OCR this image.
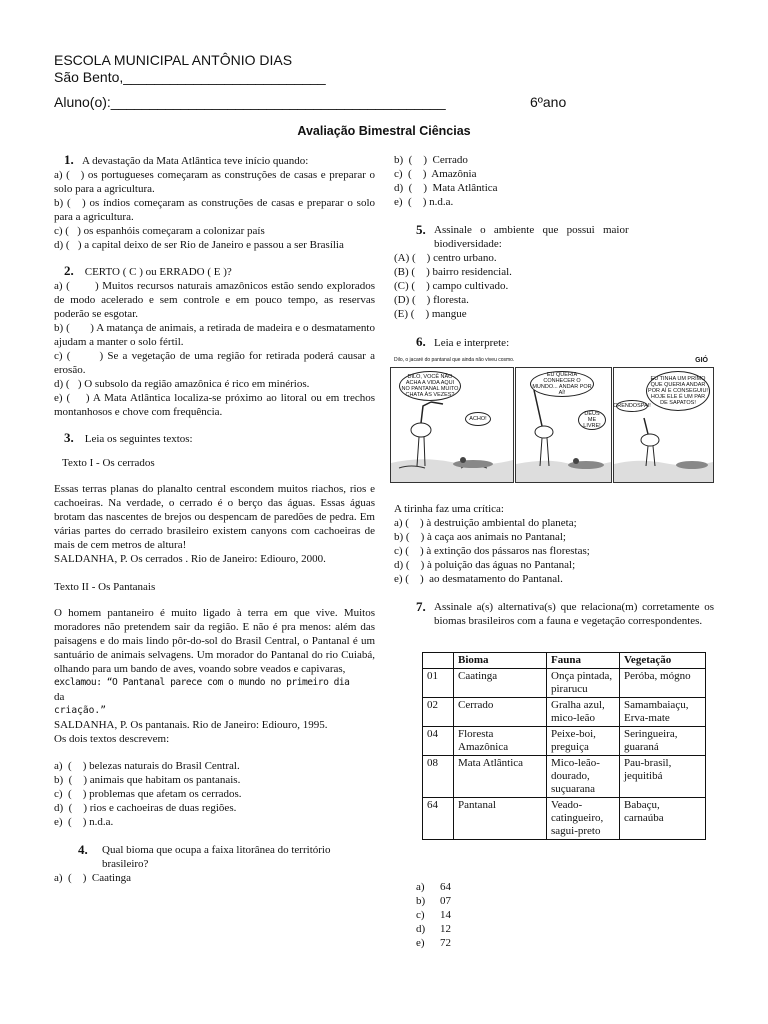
ESCOLA MUNICIPAL ANTÔNIO DIAS
São Bento,__________________________
Aluno(o):___________________________________________	6ºano
Avaliação Bimestral Ciências
1. A devastação da Mata Atlântica teve início quando:
a) (   ) os portugueses começaram as construções de casas e preparar o solo para a agricultura.
b) (   ) os índios começaram as construções de casas e preparar o solo para a agricultura.
c) (   ) os espanhóis começaram a colonizar país
d) (   ) a capital deixo de ser Rio de Janeiro e passou a ser Brasília
2. CERTO ( C ) ou ERRADO ( E )?
a) (       ) Muitos recursos naturais amazônicos estão sendo explorados de modo acelerado e sem controle e em pouco tempo, as reservas poderão se esgotar.
b) (       ) A matança de animais, a retirada de madeira e o desmatamento ajudam a manter o solo fértil.
c) (       ) Se a vegetação de uma região for retirada poderá causar a erosão.
d) (   ) O subsolo da região amazônica é rico em minérios.
e) (    ) A Mata Atlântica localiza-se próximo ao litoral ou em trechos montanhosos e chove com frequência.
3. Leia os seguintes textos:
Texto I - Os cerrados
Essas terras planas do planalto central escondem muitos riachos, rios e cachoeiras. Na verdade, o cerrado é o berço das águas. Essas águas brotam das nascentes de brejos ou despencam de paredões de pedra. Em várias partes do cerrado brasileiro existem canyons com cachoeiras de mais de cem metros de altura!
SALDANHA, P. Os cerrados . Rio de Janeiro: Ediouro, 2000.
Texto II - Os Pantanais
O homem pantaneiro é muito ligado à terra em que vive. Muitos moradores não pretendem sair da região. E não é pra menos: além das paisagens e do mais lindo pôr-do-sol do Brasil Central, o Pantanal é um santuário de animais selvagens. Um morador do Pantanal do rio Cuiabá, olhando para um bando de aves, voando sobre veados e capivaras,
exclamou: “O Pantanal parece com o mundo no primeiro dia
da
criação.”
SALDANHA, P. Os pantanais. Rio de Janeiro: Ediouro, 1995.
Os dois textos descrevem:
a)  (    ) belezas naturais do Brasil Central.
b)  (    ) animais que habitam os pantanais.
c)  (    ) problemas que afetam os cerrados.
d)  (    ) rios e cachoeiras de duas regiões.
e)  (    ) n.d.a.
4.	Qual bioma que ocupa a faixa litorânea do território
brasileiro?
a)  (    )  Caatinga
b)  (    )  Cerrado
c)  (    )  Amazônia
d)  (    )  Mata Atlântica
e)  (    ) n.d.a.
5. Assinale   o   ambiente   que   possui   maior
biodiversidade:
(A) (    ) centro urbano.
(B) (    ) bairro residencial.
(C) (    ) campo cultivado.
(D) (    ) floresta.
(E) (    ) mangue
6. Leia e interprete:
Dilo, o jacaré do pantanal que ainda não viveu cosmo.	GIÓ
DILO, VOCÊ NÃO ACHA A VIDA AQUI NO PANTANAL MUITO CHATA ÀS VEZES?
ACHO!
EU QUERIA CONHECER O MUNDO... ANDAR POR AÍ!
DEUS ME LIVRE!
EU TINHA UM PRIMO QUE QUERIA ANDAR POR AÍ E CONSEGUIU! HOJE ELE É UM PAR DE SAPATOS!
CRENDOSPAI!
A tirinha faz uma crítica:
a) (    ) à destruição ambiental do planeta;
b) (    ) à caça aos animais no Pantanal;
c) (    ) à extinção dos pássaros nas florestas;
d) (    ) à poluição das águas no Pantanal;
e) (    )  ao desmatamento do Pantanal.
7. Assinale a(s) alternativa(s) que relaciona(m) corretamente os biomas brasileiros com a fauna e vegetação correspondentes.
	Bioma	Fauna	Vegetação
01	Caatinga	Onça pintada, pirarucu	Peróba, mógno
02	Cerrado	Gralha azul, mico-leão	Samambaiaçu, Erva-mate
04	Floresta Amazônica	Peixe-boi, preguiça	Seringueira, guaraná
08	Mata Atlântica	Mico-leão-dourado, suçuarana	Pau-brasil, jequitibá
64	Pantanal	Veado-catingueiro, sagui-preto	Babaçu, carnaúba
a) 64
b) 07
c) 14
d) 12
e) 72
